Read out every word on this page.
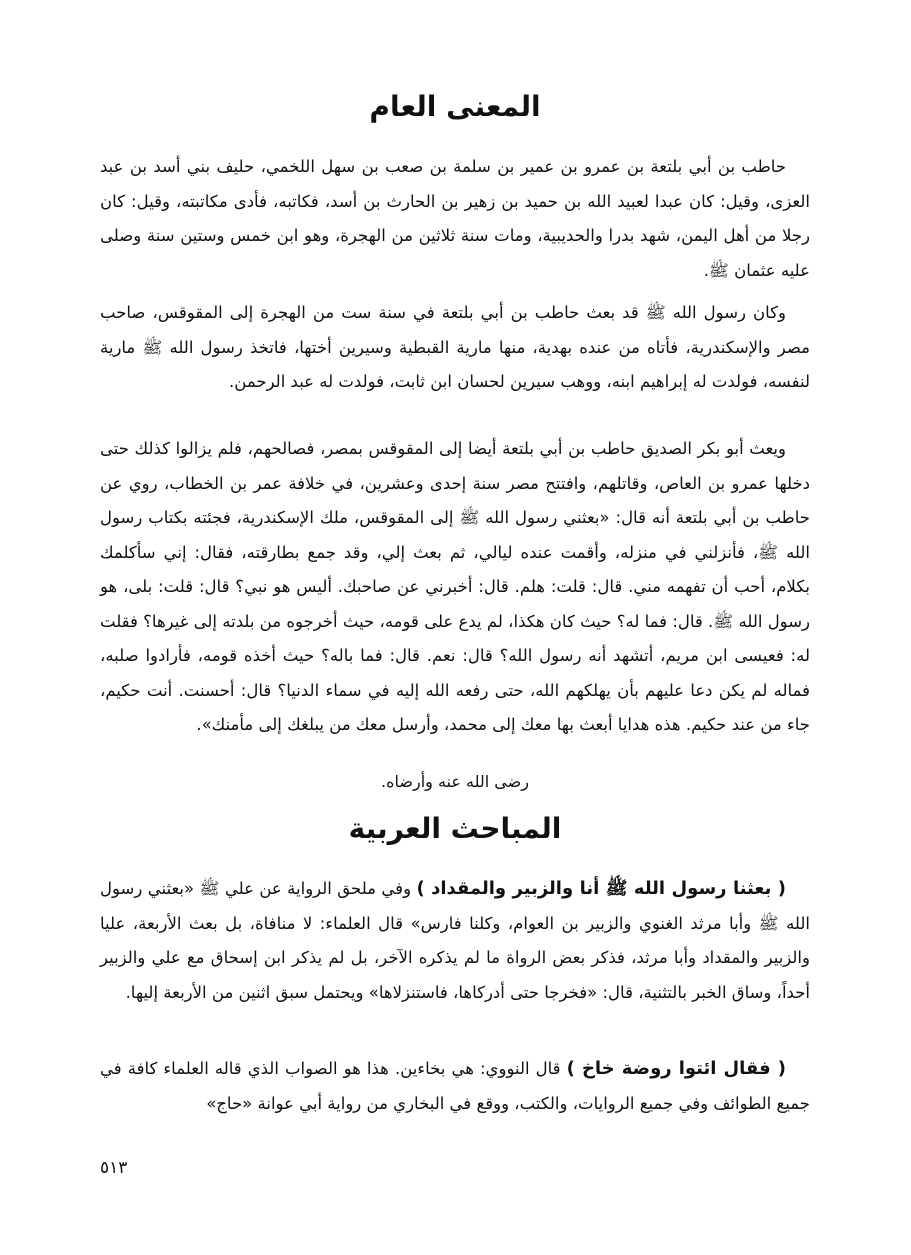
المعنى العام

حاطب بن أبي بلتعة بن عمرو بن عمير بن سلمة بن صعب بن سهل اللخمي، حليف بني أسد بن عبد العزى، وقيل: كان عبدا لعبيد الله بن حميد بن زهير بن الحارث بن أسد، فكاتبه، فأدى مكاتبته، وقيل: كان رجلا من أهل اليمن، شهد بدرا والحديبية، ومات سنة ثلاثين من الهجرة، وهو ابن خمس وستين سنة وصلى عليه عثمان ﷺ.

وكان رسول الله ﷺ قد بعث حاطب بن أبي بلتعة في سنة ست من الهجرة إلى المقوقس، صاحب مصر والإسكندرية، فأتاه من عنده بهدية، منها مارية القبطية وسيرين أختها، فاتخذ رسول الله ﷺ مارية لنفسه، فولدت له إبراهيم ابنه، ووهب سيرين لحسان ابن ثابت، فولدت له عبد الرحمن.

ويعث أبو بكر الصديق حاطب بن أبي بلتعة أيضا إلى المقوقس بمصر، فصالحهم، فلم يزالوا كذلك حتى دخلها عمرو بن العاص، وقاتلهم، وافتتح مصر سنة إحدى وعشرين، في خلافة عمر بن الخطاب، روي عن حاطب بن أبي بلتعة أنه قال: «بعثني رسول الله ﷺ إلى المقوقس، ملك الإسكندرية، فجئته بكتاب رسول الله ﷺ، فأنزلني في منزله، وأقمت عنده ليالي، ثم بعث إلي، وقد جمع بطارقته، فقال: إني سأكلمك بكلام، أحب أن تفهمه مني. قال: قلت: هلم. قال: أخبرني عن صاحبك. أليس هو نبي؟ قال: قلت: بلى، هو رسول الله ﷺ. قال: فما له؟ حيث كان هكذا، لم يدع على قومه، حيث أخرجوه من بلدته إلى غيرها؟ فقلت له: فعيسى ابن مريم، أتشهد أنه رسول الله؟ قال: نعم. قال: فما باله؟ حيث أخذه قومه، فأرادوا صلبه، فماله لم يكن دعا عليهم بأن يهلكهم الله، حتى رفعه الله إليه في سماء الدنيا؟ قال: أحسنت. أنت حكيم، جاء من عند حكيم. هذه هدايا أبعث بها معك إلى محمد، وأرسل معك من يبلغك إلى مأمنك».

رضى الله عنه وأرضاه.

المباحث العربية

( بعثنا رسول الله ﷺ أنا والزبير والمقداد ) وفي ملحق الرواية عن علي ﷺ «بعثني رسول الله ﷺ وأبا مرثد الغنوي والزبير بن العوام، وكلنا فارس» قال العلماء: لا منافاة، بل بعث الأربعة، عليا والزبير والمقداد وأبا مرثد، فذكر بعض الرواة ما لم يذكره الآخر، بل لم يذكر ابن إسحاق مع علي والزبير أحداً، وساق الخبر بالتثنية، قال: «فخرجا حتى أدركاها، فاستنزلاها» ويحتمل سبق اثنين من الأربعة إليها.

( فقال ائتوا روضة خاخ ) قال النووي: هي بخاءين. هذا هو الصواب الذي قاله العلماء كافة في جميع الطوائف وفي جميع الروايات، والكتب، ووقع في البخاري من رواية أبي عوانة «حاج»

٥١٣
